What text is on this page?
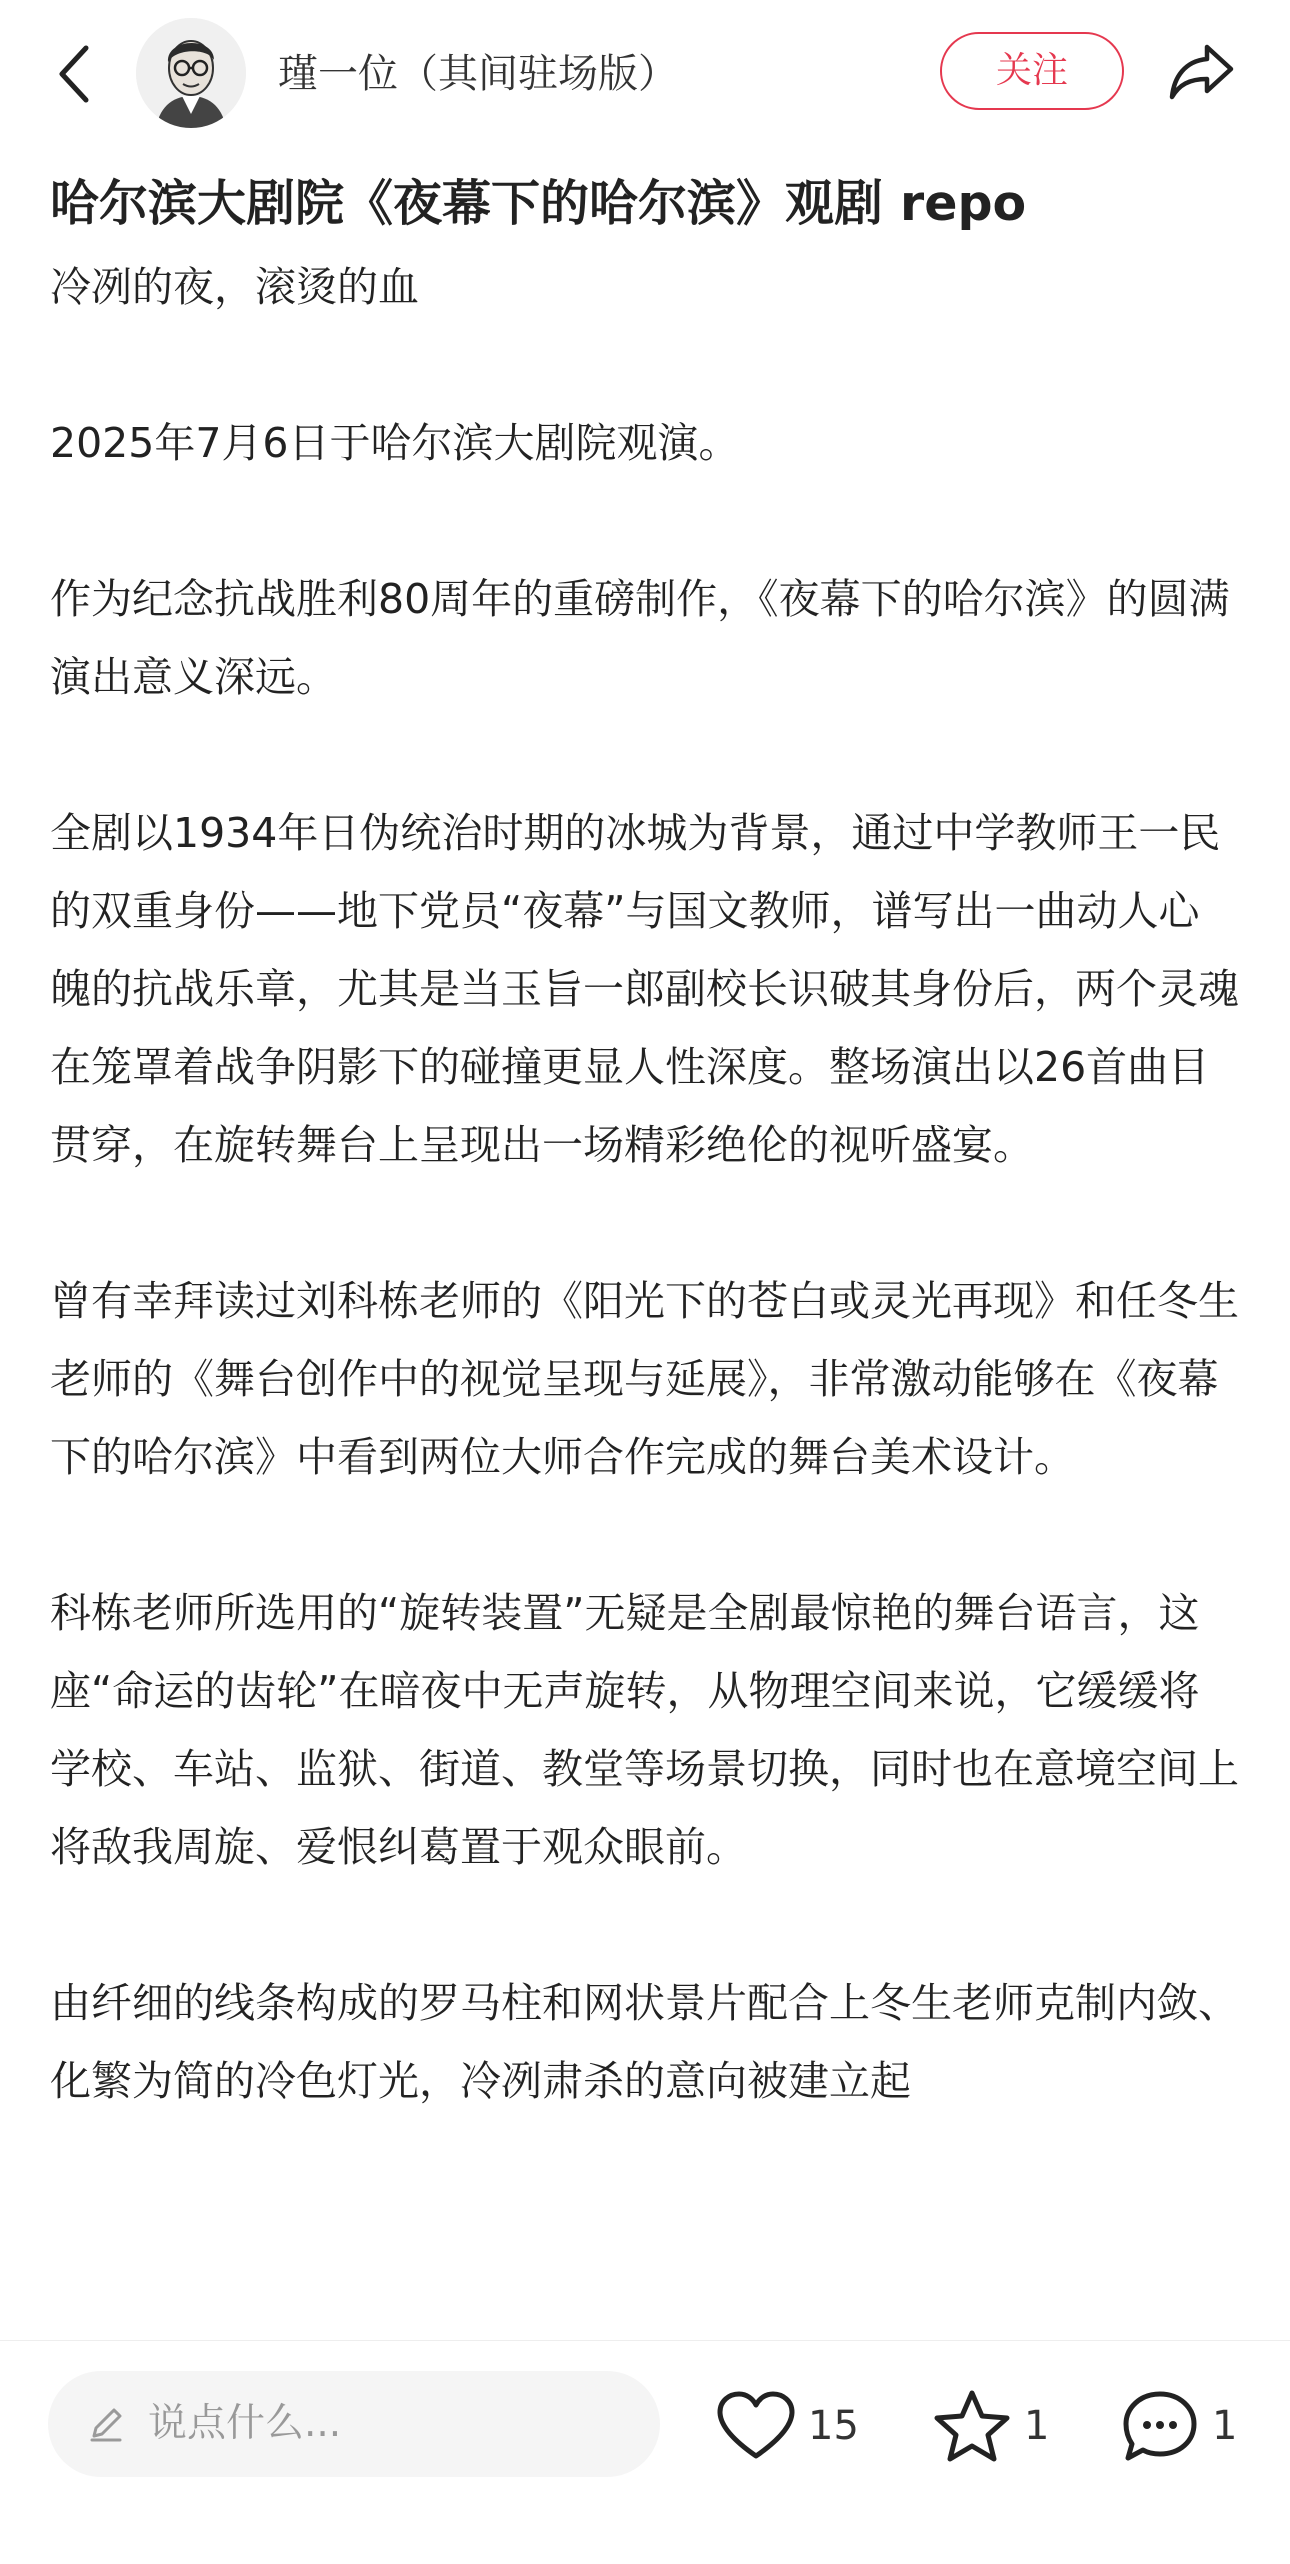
瑾一位（其间驻场版）	关注
哈尔滨大剧院《夜幕下的哈尔滨》观剧 repo

冷冽的夜，滚烫的血

2025年7月6日于哈尔滨大剧院观演。

作为纪念抗战胜利80周年的重磅制作，《夜幕下的哈尔滨》的圆满演出意义深远。

全剧以1934年日伪统治时期的冰城为背景，通过中学教师王一民的双重身份——地下党员“夜幕”与国文教师，谱写出一曲动人心魄的抗战乐章，尤其是当玉旨一郎副校长识破其身份后，两个灵魂在笼罩着战争阴影下的碰撞更显人性深度。整场演出以26首曲目贯穿，在旋转舞台上呈现出一场精彩绝伦的视听盛宴。

曾有幸拜读过刘科栋老师的《阳光下的苍白或灵光再现》和任冬生老师的《舞台创作中的视觉呈现与延展》，非常激动能够在《夜幕下的哈尔滨》中看到两位大师合作完成的舞台美术设计。

科栋老师所选用的“旋转装置”无疑是全剧最惊艳的舞台语言，这座“命运的齿轮”在暗夜中无声旋转，从物理空间来说，它缓缓将学校、车站、监狱、街道、教堂等场景切换，同时也在意境空间上将敌我周旋、爱恨纠葛置于观众眼前。

由纤细的线条构成的罗马柱和网状景片配合上冬生老师克制内敛、化繁为简的冷色灯光，冷冽肃杀的意向被建立起

说点什么...	15	1	1
